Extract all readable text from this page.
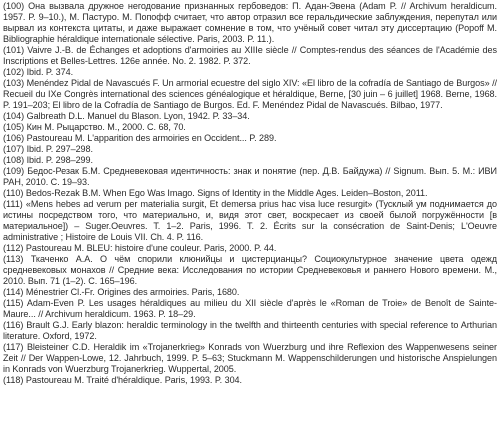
(100) Она вызвала дружное негодование признанных гербоведов: П. Адан-Эвена (Adam P. // Archivum heraldicum. 1957. P. 9–10.), М. Пастуро. М. Попофф считает, что автор отразил все геральдические заблуждения, перепутал или вырвал из контекста цитаты, и даже выражает сомнение в том, что учёный совет читал эту диссертацию (Popoff M. Bibliographie héraldique internationale sélective. Paris, 2003. P. 11.).

(101) Vaivre J.-B. de Échanges et adoptions d'armoiries au XIIIe siècle // Comptes-rendus des séances de l'Académie des Inscriptions et Belles-Lettres. 126e année. No. 2. 1982. P. 372.

(102) Ibid. P. 374.

(103) Menéndez Pidal de Navascués F. Un armorial ecuestre del siglo XIV: «El libro de la cofradía de Santiago de Burgos» // Recueil du IXe Congrès international des sciences généalogique et héraldique, Berne, [30 juin – 6 juillet] 1968. Berne, 1968. P. 191–203; El libro de la Cofradía de Santiago de Burgos. Ed. F. Menéndez Pidal de Navascués. Bilbao, 1977.

(104) Galbreath D.L. Manuel du Blason. Lyon, 1942. P. 33–34.

(105) Кин М. Рыцарство. М., 2000. С. 68, 70.

(106) Pastoureau M. L'apparition des armoiries en Occident... P. 289.

(107) Ibid. P. 297–298.

(108) Ibid. P. 298–299.

(109) Бедос-Резак Б.М. Средневековая идентичность: знак и понятие (пер. Д.В. Байдужа) // Signum. Вып. 5. М.: ИВИ РАН, 2010. С. 19–93.

(110) Bedos-Rezak B.M. When Ego Was Imago. Signs of Identity in the Middle Ages. Leiden–Boston, 2011.

(111) «Mens hebes ad verum per materialia surgit, Et demersa prius hac visa luce resurgit» (Тусклый ум поднимается до истины посредством того, что материально, и, видя этот свет, воскресает из своей былой погружённости [в материальное]) – Suger.Oeuvres. T. 1–2. Paris, 1996. T. 2. Écrits sur la consécration de Saint-Denis; L'Oeuvre administrative ; Histoire de Louis VII. Ch. 4. P. 116.

(112) Pastoureau M. BLEU: histoire d'une couleur. Paris, 2000. P. 44.

(113) Ткаченко А.А. О чём спорили клюнийцы и цистерцианцы? Социокультурное значение цвета одежд средневековых монахов // Средние века: Исследования по истории Средневековья и раннего Нового времени. М., 2010. Вып. 71 (1–2). С. 165–196.

(114) Ménestrier Cl.-Fr. Origines des armoiries. Paris, 1680.

(115) Adam-Even P. Les usages héraldiques au milieu du XII siècle d'après le «Roman de Troie» de Benoît de Sainte-Maure... // Archivum heraldicum. 1963. P. 18–29.

(116) Brault G.J. Early blazon: heraldic terminology in the twelfth and thirteenth centuries with special reference to Arthurian literature. Oxford, 1972.

(117) Bleisteiner C.D. Heraldik im «Trojanerkrieg» Konrads von Wuerzburg und ihre Reflexion des Wappenwesens seiner Zeit // Der Wappen-Lowe, 12. Jahrbuch, 1999. P. 5–63; Stuckmann M. Wappenschilderungen und historische Anspielungen in Konrads von Wuerzburg Trojanerkrieg. Wuppertal, 2005.

(118) Pastoureau M. Traité d'héraldique. Paris, 1993. P. 304.
